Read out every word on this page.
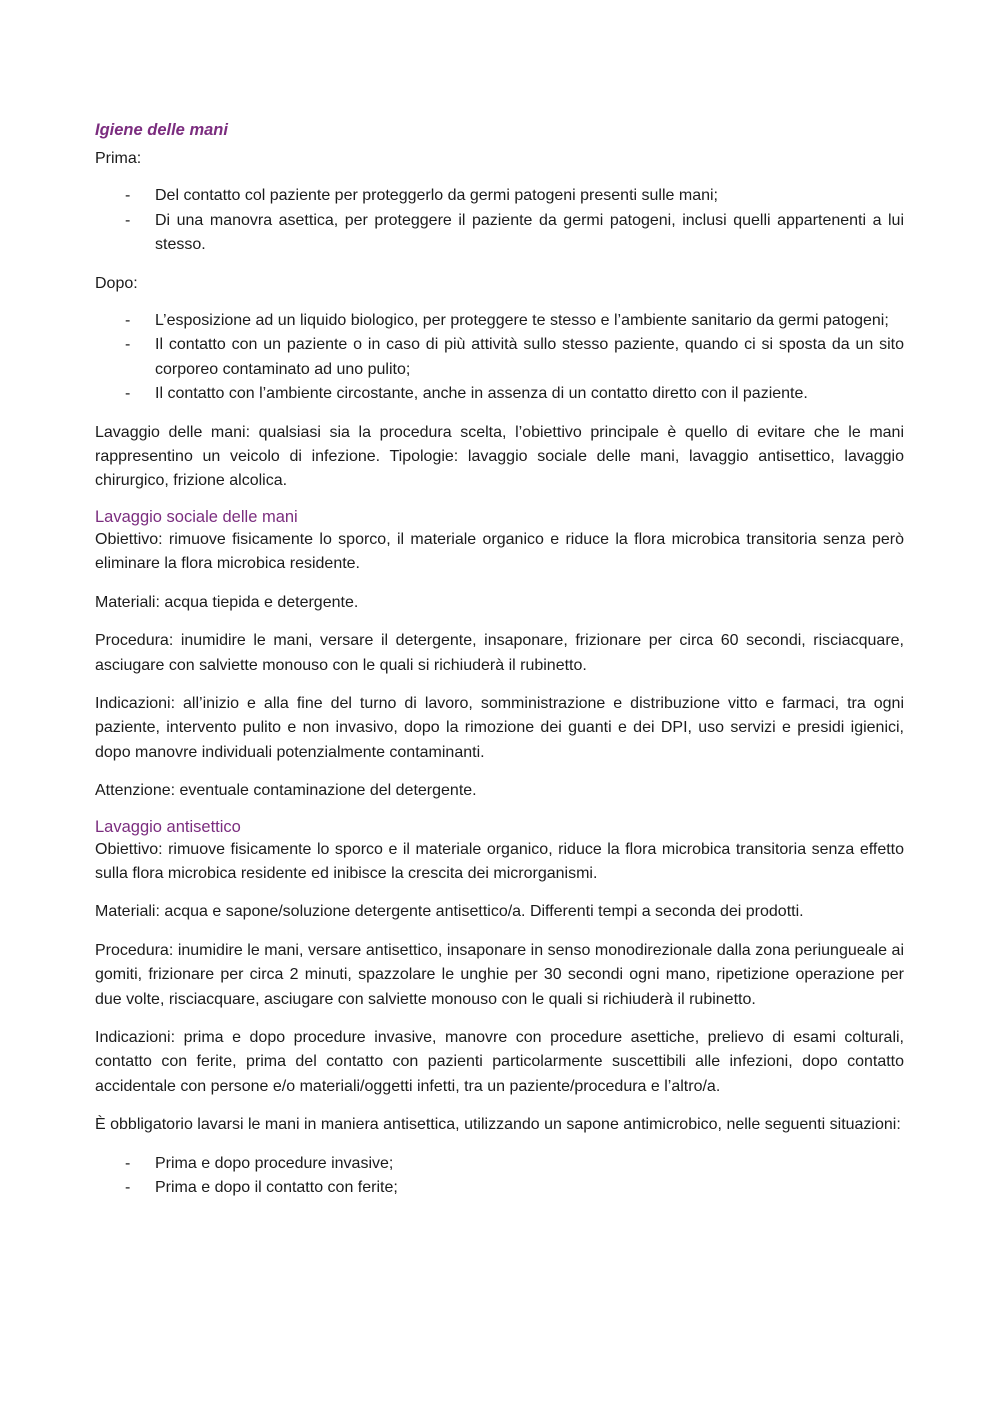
Igiene delle mani

Prima:

- Del contatto col paziente per proteggerlo da germi patogeni presenti sulle mani;
- Di una manovra asettica, per proteggere il paziente da germi patogeni, inclusi quelli appartenenti a lui stesso.

Dopo:

- L’esposizione ad un liquido biologico, per proteggere te stesso e l’ambiente sanitario da germi patogeni;
- Il contatto con un paziente o in caso di più attività sullo stesso paziente, quando ci si sposta da un sito corporeo contaminato ad uno pulito;
- Il contatto con l’ambiente circostante, anche in assenza di un contatto diretto con il paziente.

Lavaggio delle mani: qualsiasi sia la procedura scelta, l’obiettivo principale è quello di evitare che le mani rappresentino un veicolo di infezione. Tipologie: lavaggio sociale delle mani, lavaggio antisettico, lavaggio chirurgico, frizione alcolica.

Lavaggio sociale delle mani

Obiettivo: rimuove fisicamente lo sporco, il materiale organico e riduce la flora microbica transitoria senza però eliminare la flora microbica residente.

Materiali: acqua tiepida e detergente.

Procedura: inumidire le mani, versare il detergente, insaponare, frizionare per circa 60 secondi, risciacquare, asciugare con salviette monouso con le quali si richiuderà il rubinetto.

Indicazioni: all’inizio e alla fine del turno di lavoro, somministrazione e distribuzione vitto e farmaci, tra ogni paziente, intervento pulito e non invasivo, dopo la rimozione dei guanti e dei DPI, uso servizi e presidi igienici, dopo manovre individuali potenzialmente contaminanti.

Attenzione: eventuale contaminazione del detergente.

Lavaggio antisettico

Obiettivo: rimuove fisicamente lo sporco e il materiale organico, riduce la flora microbica transitoria senza effetto sulla flora microbica residente ed inibisce la crescita dei microrganismi.

Materiali: acqua e sapone/soluzione detergente antisettico/a. Differenti tempi a seconda dei prodotti.

Procedura: inumidire le mani, versare antisettico, insaponare in senso monodirezionale dalla zona periungueale ai gomiti, frizionare per circa 2 minuti, spazzolare le unghie per 30 secondi ogni mano, ripetizione operazione per due volte, risciacquare, asciugare con salviette monouso con le quali si richiuderà il rubinetto.

Indicazioni: prima e dopo procedure invasive, manovre con procedure asettiche, prelievo di esami colturali, contatto con ferite, prima del contatto con pazienti particolarmente suscettibili alle infezioni, dopo contatto accidentale con persone e/o materiali/oggetti infetti, tra un paziente/procedura e l’altro/a.

È obbligatorio lavarsi le mani in maniera antisettica, utilizzando un sapone antimicrobico, nelle seguenti situazioni:

- Prima e dopo procedure invasive;
- Prima e dopo il contatto con ferite;
